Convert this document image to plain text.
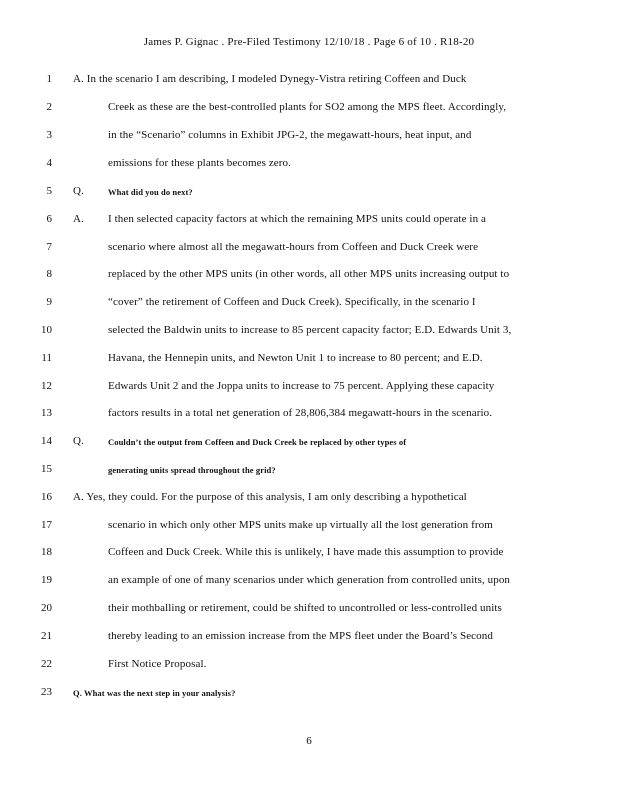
James P. Gignac . Pre-Filed Testimony 12/10/18 . Page 6 of 10 . R18-20
1 A. In the scenario I am describing, I modeled Dynegy-Vistra retiring Coffeen and Duck
2	Creek as these are the best-controlled plants for SO2 among the MPS fleet. Accordingly,
3	in the “Scenario” columns in Exhibit JPG-2, the megawatt-hours, heat input, and
4	emissions for these plants becomes zero.
5 Q.	What did you do next?
6 A. I then selected capacity factors at which the remaining MPS units could operate in a
7	scenario where almost all the megawatt-hours from Coffeen and Duck Creek were
8	replaced by the other MPS units (in other words, all other MPS units increasing output to
9	“cover” the retirement of Coffeen and Duck Creek). Specifically, in the scenario I
10	selected the Baldwin units to increase to 85 percent capacity factor; E.D. Edwards Unit 3,
11	Havana, the Hennepin units, and Newton Unit 1 to increase to 80 percent; and E.D.
12	Edwards Unit 2 and the Joppa units to increase to 75 percent. Applying these capacity
13	factors results in a total net generation of 28,806,384 megawatt-hours in the scenario.
14 Q.	Couldn’t the output from Coffeen and Duck Creek be replaced by other types of
15	generating units spread throughout the grid?
16 A. Yes, they could. For the purpose of this analysis, I am only describing a hypothetical
17	scenario in which only other MPS units make up virtually all the lost generation from
18	Coffeen and Duck Creek. While this is unlikely, I have made this assumption to provide
19	an example of one of many scenarios under which generation from controlled units, upon
20	their mothballing or retirement, could be shifted to uncontrolled or less-controlled units
21	thereby leading to an emission increase from the MPS fleet under the Board’s Second
22	First Notice Proposal.
23 Q. What was the next step in your analysis?
6
